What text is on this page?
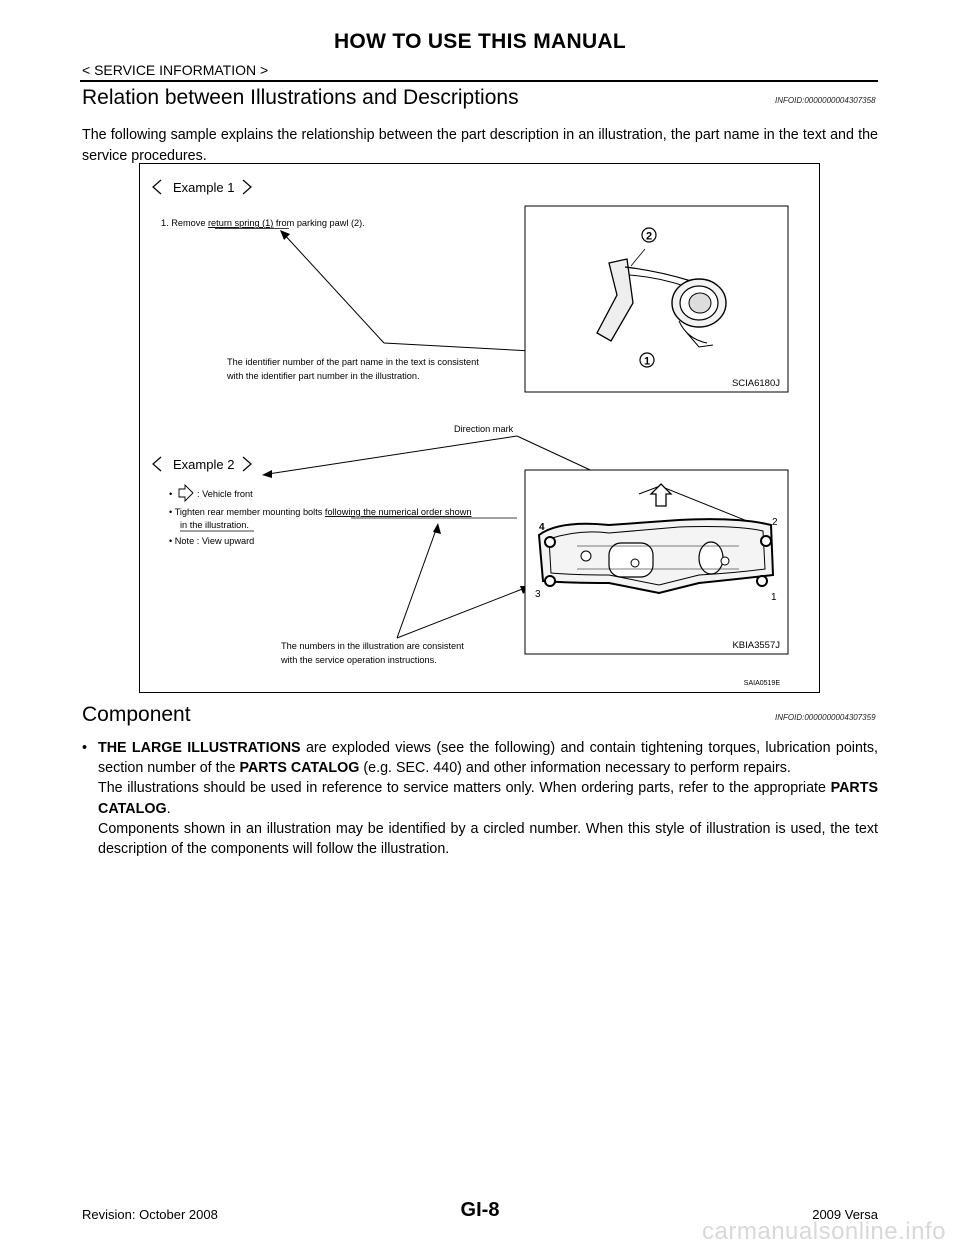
HOW TO USE THIS MANUAL
< SERVICE INFORMATION >
Relation between Illustrations and Descriptions	INFOID:0000000004307358
The following sample explains the relationship between the part description in an illustration, the part name in the text and the service procedures.
Example 1
1. Remove return spring (1) from parking pawl (2).
The identifier number of the part name in the text is consistent
with the identifier part number in the illustration.
2
1
SCIA6180J
Direction mark
Example 2
•	: Vehicle front
• Tighten rear member mounting bolts following the numerical order shown
in the illustration.
• Note : View upward
The numbers in the illustration are consistent
with the service operation instructions.
4	2
3	1
KBIA3557J
SAIA0519E
Component	INFOID:0000000004307359
• THE LARGE ILLUSTRATIONS are exploded views (see the following) and contain tightening torques, lubrication points, section number of the PARTS CATALOG (e.g. SEC. 440) and other information necessary to perform repairs.
The illustrations should be used in reference to service matters only. When ordering parts, refer to the appropriate PARTS CATALOG.
Components shown in an illustration may be identified by a circled number. When this style of illustration is used, the text description of the components will follow the illustration.
Revision: October 2008	GI-8	2009 Versa
carmanualsonline.info
